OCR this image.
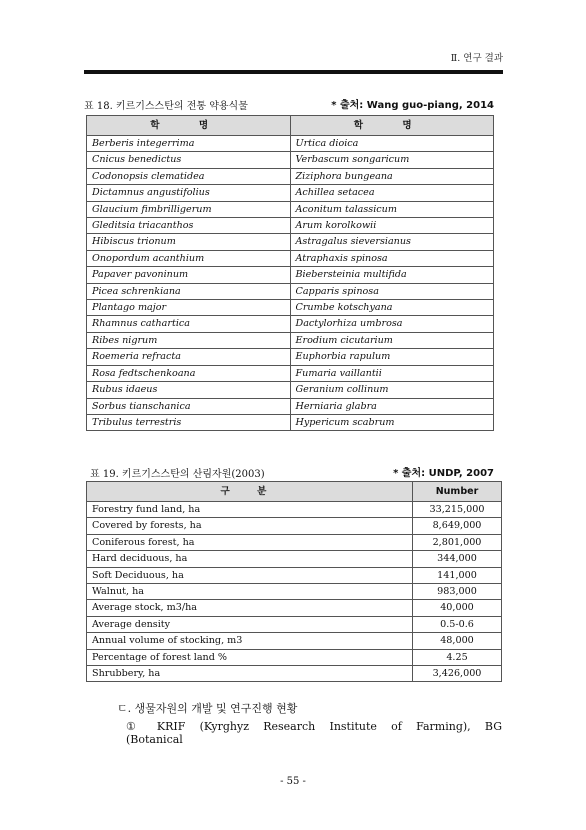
Ⅱ. 연구 결과
표 18. 키르기스스탄의 전통 약용식물	* 출처: Wang guo-piang, 2014
학 명	학 명
Berberis integerrima	Urtica dioica
Cnicus benedictus	Verbascum songaricum
Codonopsis clematidea	Ziziphora bungeana
Dictamnus angustifolius	Achillea setacea
Glaucium fimbrilligerum	Aconitum talassicum
Gleditsia triacanthos	Arum korolkowii
Hibiscus trionum	Astragalus sieversianus
Onopordum acanthium	Atraphaxis spinosa
Papaver pavoninum	Biebersteinia multifida
Picea schrenkiana	Capparis spinosa
Plantago major	Crumbe kotschyana
Rhamnus cathartica	Dactylorhiza umbrosa
Ribes nigrum	Erodium cicutarium
Roemeria refracta	Euphorbia rapulum
Rosa fedtschenkoana	Fumaria vaillantii
Rubus idaeus	Geranium collinum
Sorbus tianschanica	Herniaria glabra
Tribulus terrestris	Hypericum scabrum
표 19. 키르기스스탄의 산림자원(2003)	* 출처: UNDP, 2007
구 분	Number
Forestry fund land, ha	33,215,000
Covered by forests, ha	8,649,000
Coniferous forest, ha	2,801,000
Hard deciduous, ha	344,000
Soft Deciduous, ha	141,000
Walnut, ha	983,000
Average stock, m3/ha	40,000
Average density	0.5-0.6
Annual volume of stocking, m3	48,000
Percentage of forest land %	4.25
Shrubbery, ha	3,426,000
ㄷ. 생물자원의 개발 및 연구진행 현황
① KRIF (Kyrghyz Research Institute of Farming), BG (Botanical
- 55 -
